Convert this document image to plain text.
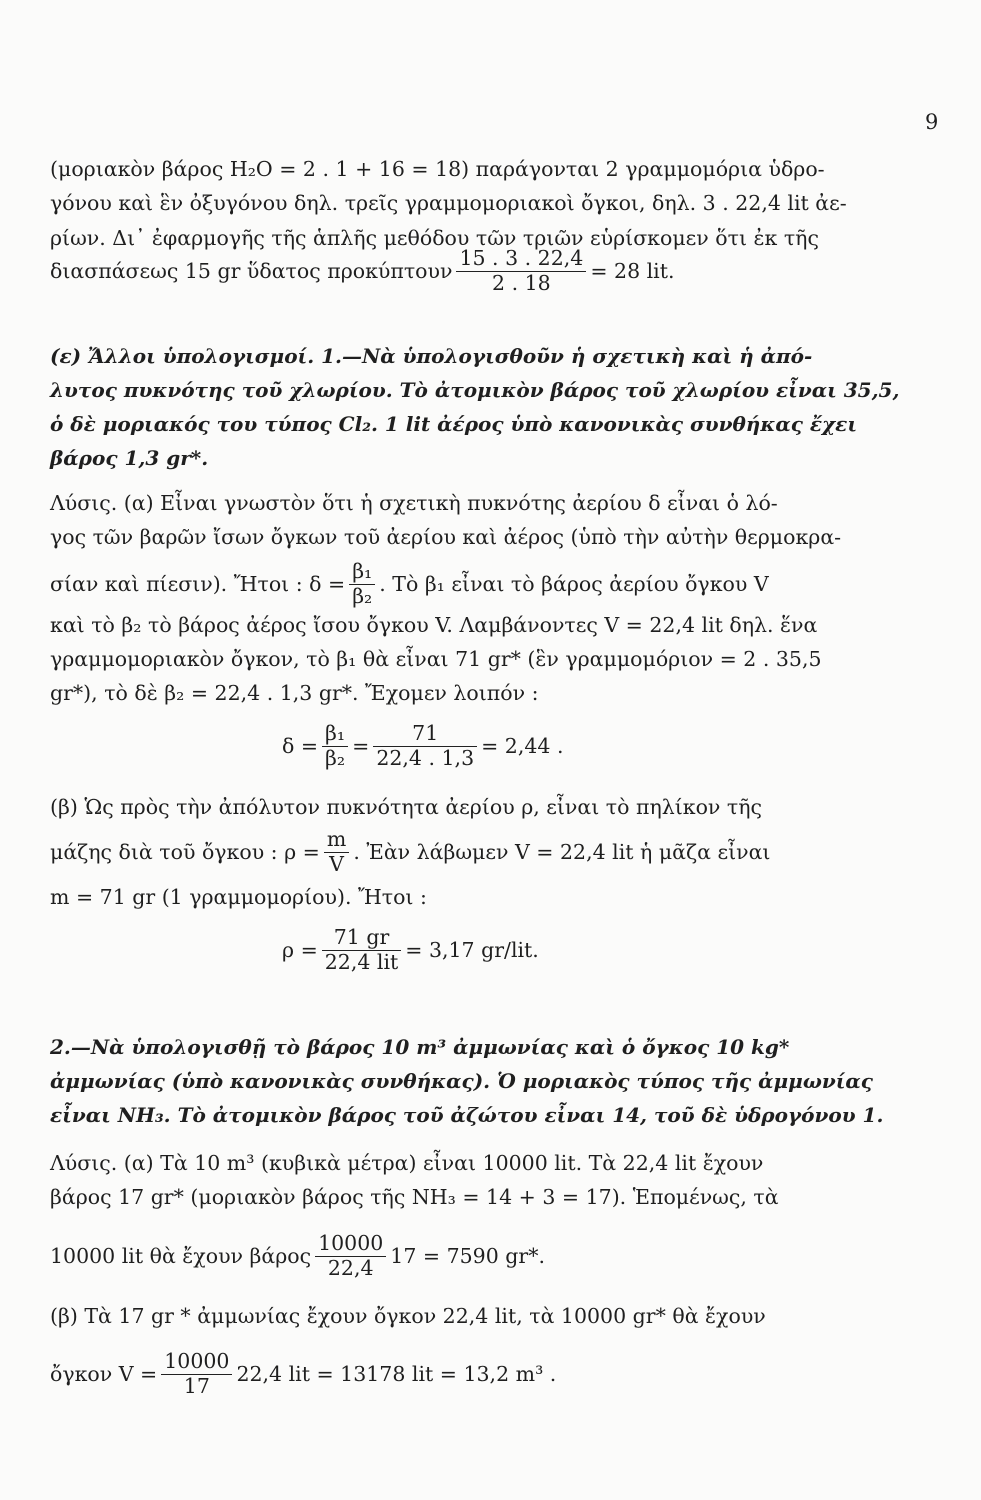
9
(μοριακὸν βάρος H₂O = 2 . 1 + 16 = 18) παράγονται 2 γραμμομόρια ὑδρο-
γόνου καὶ ἓν ὀξυγόνου δηλ. τρεῖς γραμμομοριακοὶ ὄγκοι, δηλ. 3 . 22,4 lit ἀε-
ρίων. Δι᾽ ἐφαρμογῆς τῆς ἁπλῆς μεθόδου τῶν τριῶν εὑρίσκομεν ὅτι ἐκ τῆς
διασπάσεως 15 gr ὕδατος προκύπτουν $\frac{15 . 3 . 22,4}{2 . 18} = 28$ lit.
(ε) Ἄλλοι ὑπολογισμοί. 1.—Νὰ ὑπολογισθοῦν ἡ σχετικὴ καὶ ἡ ἀπό-
λυτος πυκνότης τοῦ χλωρίου. Τὸ ἀτομικὸν βάρος τοῦ χλωρίου εἶναι 35,5,
ὁ δὲ μοριακός του τύπος Cl₂. 1 lit ἀέρος ὑπὸ κανονικὰς συνθήκας ἔχει
βάρος 1,3 gr*.
Λύσις. (α) Εἶναι γνωστὸν ὅτι ἡ σχετικὴ πυκνότης ἀερίου δ εἶναι ὁ λό-
γος τῶν βαρῶν ἴσων ὄγκων τοῦ ἀερίου καὶ ἀέρος (ὑπὸ τὴν αὐτὴν θερμοκρα-
σίαν καὶ πίεσιν). Ἤτοι : $\delta = \frac{\text{β₁}}{\text{β₂}}$ . Τὸ β₁ εἶναι τὸ βάρος ἀερίου ὄγκου V
καὶ τὸ β₂ τὸ βάρος ἀέρος ἴσου ὄγκου V. Λαμβάνοντες V = 22,4 lit δηλ. ἕνα
γραμμομοριακὸν ὄγκον, τὸ β₁ θὰ εἶναι 71 gr* (ἓν γραμμομόριον = 2 . 35,5
gr*), τὸ δὲ β₂ = 22,4 . 1,3 gr*. Ἔχομεν λοιπόν :
$\delta = \frac{\text{β₁}}{\text{β₂}} = \frac{71}{22,4 . 1,3} = 2,44$ .
(β) Ὡς πρὸς τὴν ἀπόλυτον πυκνότητα ἀερίου ρ, εἶναι τὸ πηλίκον τῆς
μάζης διὰ τοῦ ὄγκου : $\rho = \frac{m}{V}$ . Ἐὰν λάβωμεν V = 22,4 lit ἡ μᾶζα εἶναι
m = 71 gr (1 γραμμομορίου). Ἤτοι :
ρ =
71 gr
22,4 lit = 3,17 gr/lit.
2.—Νὰ ὑπολογισθῇ τὸ βάρος 10 m³ ἀμμωνίας καὶ ὁ ὄγκος 10 kg*
ἀμμωνίας (ὑπὸ κανονικὰς συνθήκας). Ὁ μοριακὸς τύπος τῆς ἀμμωνίας
εἶναι NH₃. Τὸ ἀτομικὸν βάρος τοῦ ἀζώτου εἶναι 14, τοῦ δὲ ὑδρογόνου 1.
Λύσις. (α) Τὰ 10 m³ (κυβικὰ μέτρα) εἶναι 10000 lit. Τὰ 22,4 lit ἔχουν
βάρος 17 gr* (μοριακὸν βάρος τῆς NH₃ = 14 + 3 = 17). Ἑπομένως, τὰ
10000 lit θὰ ἔχουν βάρος $\frac{10000}{22,4} 17 = 7590$ gr*.
(β) Τὰ 17 gr * ἀμμωνίας ἔχουν ὄγκον 22,4 lit, τὰ 10000 gr* θὰ ἔχουν
ὄγκον $V = \frac{10000}{17} 22,4$ lit = 13178 lit = 13,2 m³ .
